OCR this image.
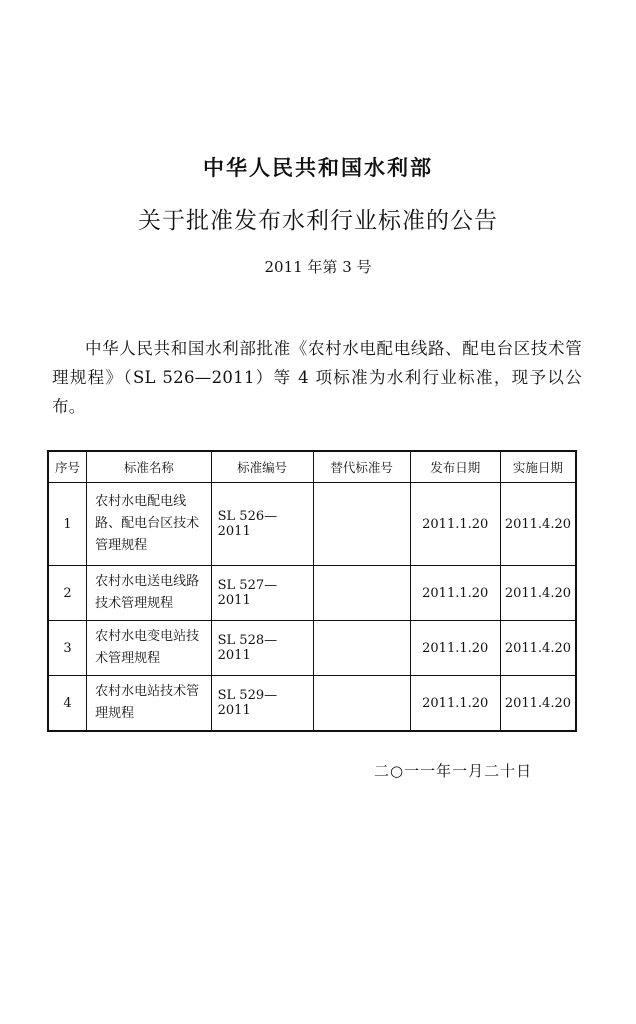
中华人民共和国水利部
关于批准发布水利行业标准的公告
2011 年第 3 号

中华人民共和国水利部批准《农村水电配电线路、配电台区技术管理规程》（SL 526—2011）等 4 项标准为水利行业标准，现予以公布。

序号	标准名称	标准编号	替代标准号	发布日期	实施日期
1	农村水电配电线路、配电台区技术管理规程	SL 526—2011		2011.1.20	2011.4.20
2	农村水电送电线路技术管理规程	SL 527—2011		2011.1.20	2011.4.20
3	农村水电变电站技术管理规程	SL 528—2011		2011.1.20	2011.4.20
4	农村水电站技术管理规程	SL 529—2011		2011.1.20	2011.4.20
二○一一年一月二十日
